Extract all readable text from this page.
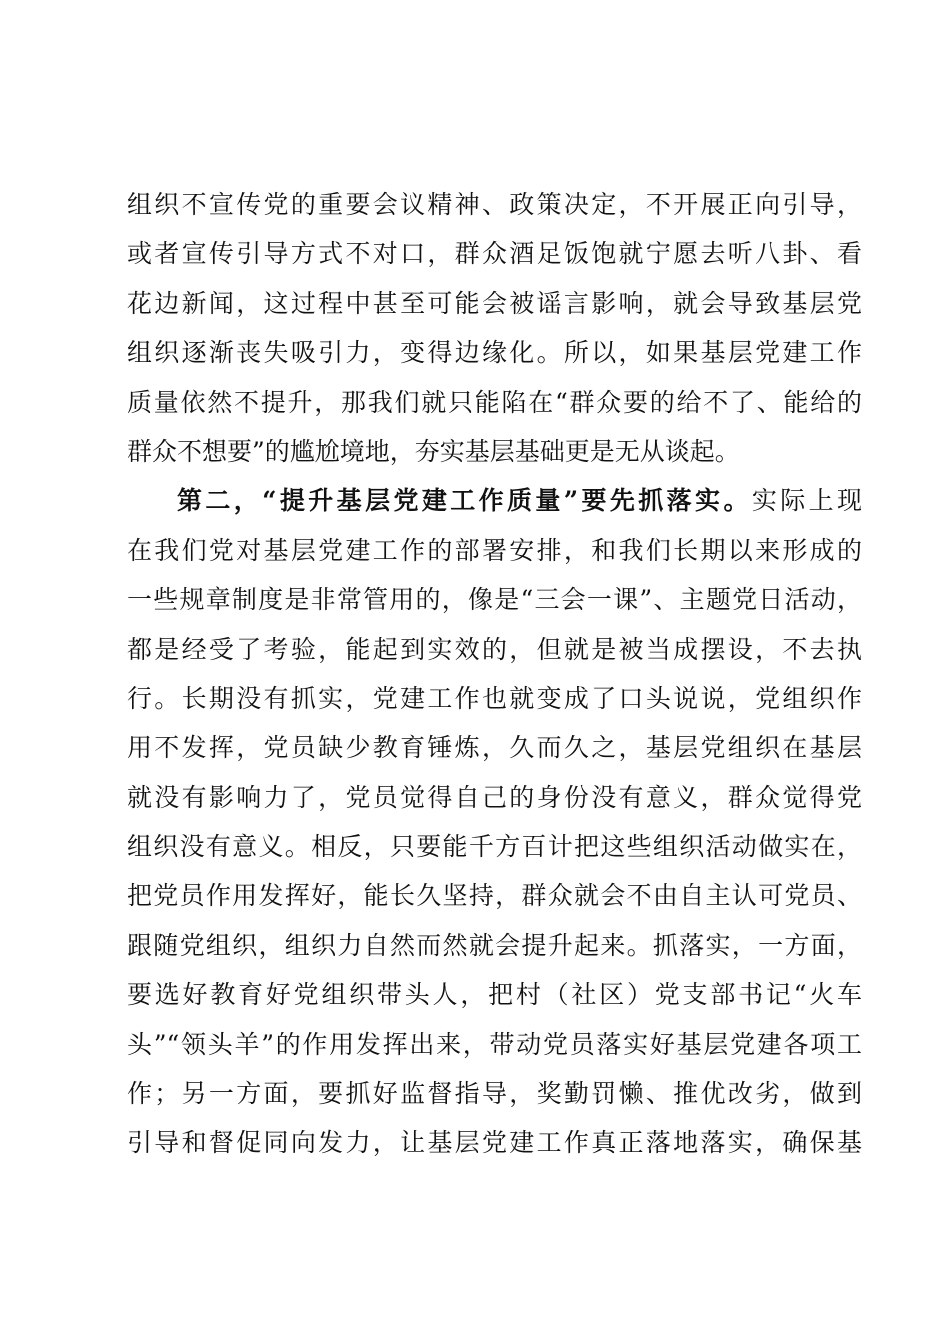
组织不宣传党的重要会议精神、政策决定，不开展正向引导，
或者宣传引导方式不对口，群众酒足饭饱就宁愿去听八卦、看
花边新闻，这过程中甚至可能会被谣言影响，就会导致基层党
组织逐渐丧失吸引力，变得边缘化。所以，如果基层党建工作
质量依然不提升，那我们就只能陷在“群众要的给不了、能给的
群众不想要”的尴尬境地，夯实基层基础更是无从谈起。
第二，“提升基层党建工作质量”要先抓落实。实际上现
在我们党对基层党建工作的部署安排，和我们长期以来形成的
一些规章制度是非常管用的，像是“三会一课”、主题党日活动，
都是经受了考验，能起到实效的，但就是被当成摆设，不去执
行。长期没有抓实，党建工作也就变成了口头说说，党组织作
用不发挥，党员缺少教育锤炼，久而久之，基层党组织在基层
就没有影响力了，党员觉得自己的身份没有意义，群众觉得党
组织没有意义。相反，只要能千方百计把这些组织活动做实在，
把党员作用发挥好，能长久坚持，群众就会不由自主认可党员、
跟随党组织，组织力自然而然就会提升起来。抓落实，一方面，
要选好教育好党组织带头人，把村（社区）党支部书记“火车
头”“领头羊”的作用发挥出来，带动党员落实好基层党建各项工
作；另一方面，要抓好监督指导，奖勤罚懒、推优改劣，做到
引导和督促同向发力，让基层党建工作真正落地落实，确保基
